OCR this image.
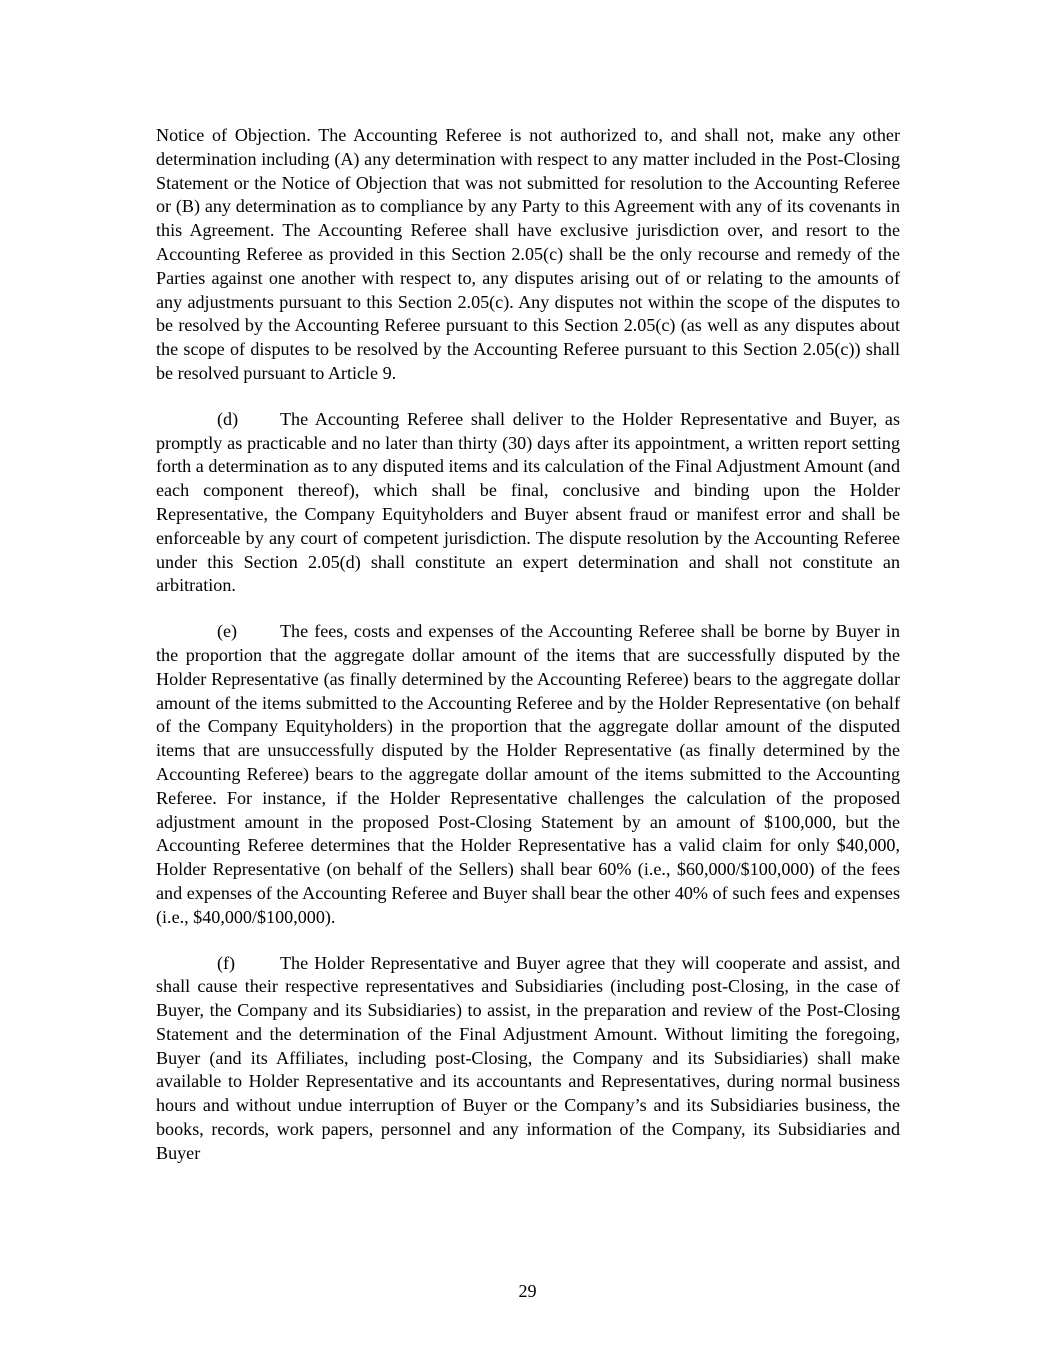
Notice of Objection. The Accounting Referee is not authorized to, and shall not, make any other determination including (A) any determination with respect to any matter included in the Post-Closing Statement or the Notice of Objection that was not submitted for resolution to the Accounting Referee or (B) any determination as to compliance by any Party to this Agreement with any of its covenants in this Agreement. The Accounting Referee shall have exclusive jurisdiction over, and resort to the Accounting Referee as provided in this Section 2.05(c) shall be the only recourse and remedy of the Parties against one another with respect to, any disputes arising out of or relating to the amounts of any adjustments pursuant to this Section 2.05(c). Any disputes not within the scope of the disputes to be resolved by the Accounting Referee pursuant to this Section 2.05(c) (as well as any disputes about the scope of disputes to be resolved by the Accounting Referee pursuant to this Section 2.05(c)) shall be resolved pursuant to Article 9.

(d) The Accounting Referee shall deliver to the Holder Representative and Buyer, as promptly as practicable and no later than thirty (30) days after its appointment, a written report setting forth a determination as to any disputed items and its calculation of the Final Adjustment Amount (and each component thereof), which shall be final, conclusive and binding upon the Holder Representative, the Company Equityholders and Buyer absent fraud or manifest error and shall be enforceable by any court of competent jurisdiction. The dispute resolution by the Accounting Referee under this Section 2.05(d) shall constitute an expert determination and shall not constitute an arbitration.

(e) The fees, costs and expenses of the Accounting Referee shall be borne by Buyer in the proportion that the aggregate dollar amount of the items that are successfully disputed by the Holder Representative (as finally determined by the Accounting Referee) bears to the aggregate dollar amount of the items submitted to the Accounting Referee and by the Holder Representative (on behalf of the Company Equityholders) in the proportion that the aggregate dollar amount of the disputed items that are unsuccessfully disputed by the Holder Representative (as finally determined by the Accounting Referee) bears to the aggregate dollar amount of the items submitted to the Accounting Referee. For instance, if the Holder Representative challenges the calculation of the proposed adjustment amount in the proposed Post-Closing Statement by an amount of $100,000, but the Accounting Referee determines that the Holder Representative has a valid claim for only $40,000, Holder Representative (on behalf of the Sellers) shall bear 60% (i.e., $60,000/$100,000) of the fees and expenses of the Accounting Referee and Buyer shall bear the other 40% of such fees and expenses (i.e., $40,000/$100,000).

(f) The Holder Representative and Buyer agree that they will cooperate and assist, and shall cause their respective representatives and Subsidiaries (including post-Closing, in the case of Buyer, the Company and its Subsidiaries) to assist, in the preparation and review of the Post-Closing Statement and the determination of the Final Adjustment Amount. Without limiting the foregoing, Buyer (and its Affiliates, including post-Closing, the Company and its Subsidiaries) shall make available to Holder Representative and its accountants and Representatives, during normal business hours and without undue interruption of Buyer or the Company’s and its Subsidiaries business, the books, records, work papers, personnel and any information of the Company, its Subsidiaries and Buyer

29
